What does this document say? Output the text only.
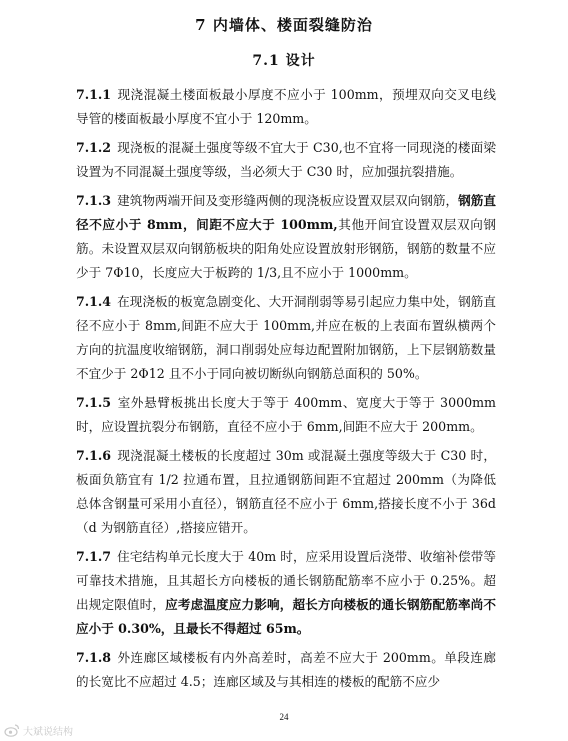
7 内墙体、楼面裂缝防治
7.1 设计

7.1.1 现浇混凝土楼面板最小厚度不应小于 100mm，预埋双向交叉电线导管的楼面板最小厚度不宜小于 120mm。

7.1.2 现浇板的混凝土强度等级不宜大于 C30,也不宜将一同现浇的楼面梁设置为不同混凝土强度等级，当必须大于 C30 时，应加强抗裂措施。

7.1.3 建筑物两端开间及变形缝两侧的现浇板应设置双层双向钢筋，钢筋直径不应小于 8mm，间距不应大于 100mm,其他开间宜设置双层双向钢筋。未设置双层双向钢筋板块的阳角处应设置放射形钢筋，钢筋的数量不应少于 7Φ10，长度应大于板跨的 1/3,且不应小于 1000mm。

7.1.4 在现浇板的板宽急剧变化、大开洞削弱等易引起应力集中处，钢筋直径不应小于 8mm,间距不应大于 100mm,并应在板的上表面布置纵横两个方向的抗温度收缩钢筋，洞口削弱处应每边配置附加钢筋，上下层钢筋数量不宜少于 2Φ12 且不小于同向被切断纵向钢筋总面积的 50%。

7.1.5 室外悬臂板挑出长度大于等于 400mm、宽度大于等于 3000mm 时，应设置抗裂分布钢筋，直径不应小于 6mm,间距不应大于 200mm。

7.1.6 现浇混凝土楼板的长度超过 30m 或混凝土强度等级大于 C30 时，板面负筋宜有 1/2 拉通布置，且拉通钢筋间距不宜超过 200mm（为降低总体含钢量可采用小直径），钢筋直径不应小于 6mm,搭接长度不小于 36d（d 为钢筋直径）,搭接应错开。

7.1.7 住宅结构单元长度大于 40m 时，应采用设置后浇带、收缩补偿带等可靠技术措施，且其超长方向楼板的通长钢筋配筋率不应小于 0.25%。超出规定限值时，应考虑温度应力影响，超长方向楼板的通长钢筋配筋率尚不应小于 0.30%，且最长不得超过 65m。

7.1.8 外连廊区域楼板有内外高差时，高差不应大于 200mm。单段连廊的长宽比不应超过 4.5；连廊区域及与其相连的楼板的配筋不应少

24
大斌说结构
